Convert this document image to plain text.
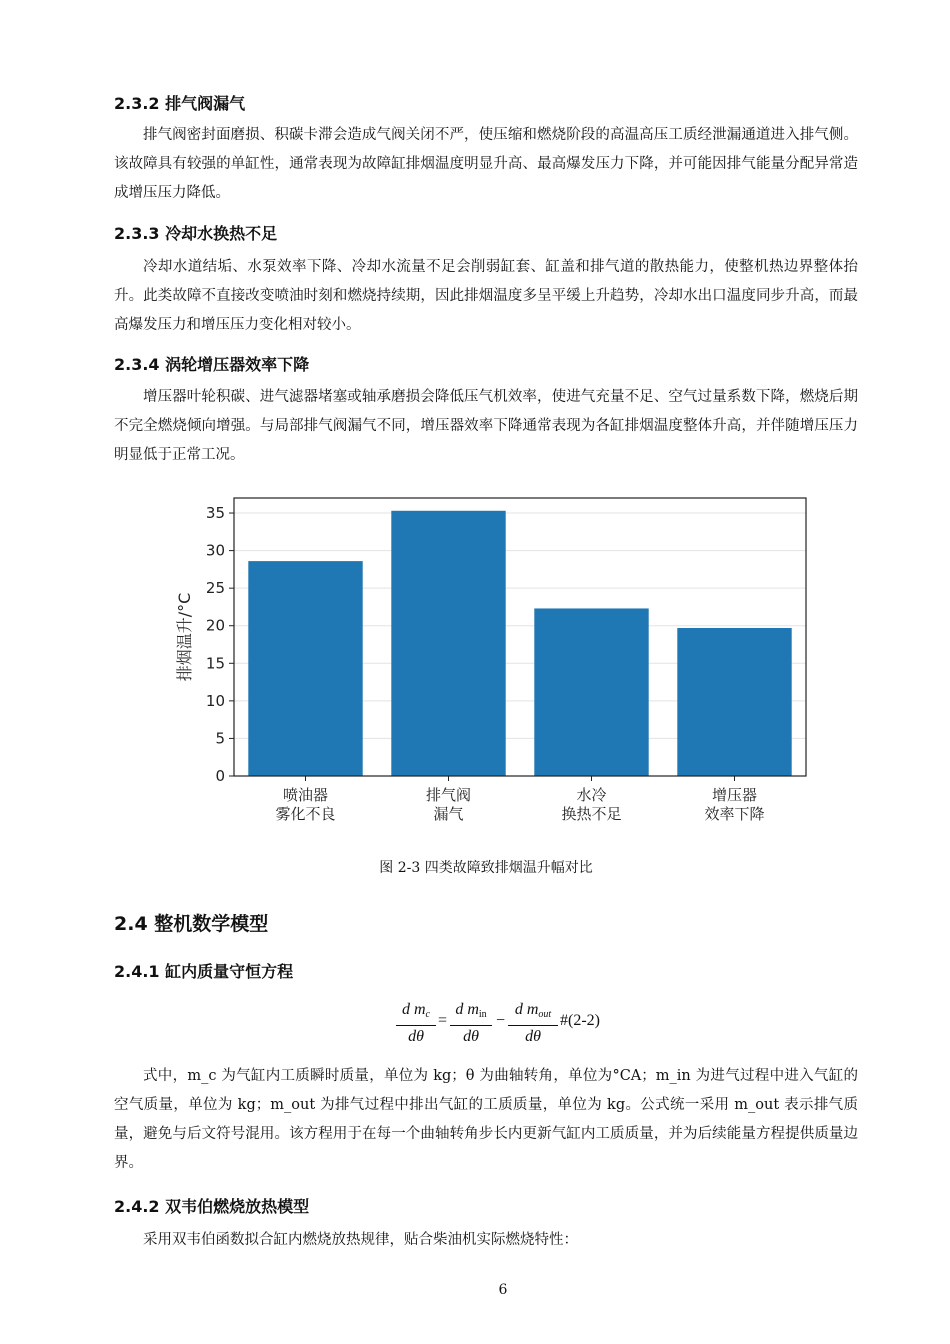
2.3.2 排气阀漏气

排气阀密封面磨损、积碳卡滞会造成气阀关闭不严，使压缩和燃烧阶段的高温高压工质经泄漏通道进入排气侧。该故障具有较强的单缸性，通常表现为故障缸排烟温度明显升高、最高爆发压力下降，并可能因排气能量分配异常造成增压压力降低。

2.3.3 冷却水换热不足

冷却水道结垢、水泵效率下降、冷却水流量不足会削弱缸套、缸盖和排气道的散热能力，使整机热边界整体抬升。此类故障不直接改变喷油时刻和燃烧持续期，因此排烟温度多呈平缓上升趋势，冷却水出口温度同步升高，而最高爆发压力和增压压力变化相对较小。

2.3.4 涡轮增压器效率下降

增压器叶轮积碳、进气滤器堵塞或轴承磨损会降低压气机效率，使进气充量不足、空气过量系数下降，燃烧后期不完全燃烧倾向增强。与局部排气阀漏气不同，增压器效率下降通常表现为各缸排烟温度整体升高，并伴随增压压力明显低于正常工况。

0
5
10
15
20
25
30
35
喷油器
雾化不良
排气阀
漏气
水冷
换热不足
增压器
效率下降
排烟温升/°C

图 2-3 四类故障致排烟温升幅对比

2.4 整机数学模型
2.4.1 缸内质量守恒方程
d $m_c$
dθ
=
d $m_{in}$
dθ
−
d $m_{out}$
dθ
#(2-2)

式中，m_c 为气缸内工质瞬时质量，单位为 kg；θ 为曲轴转角，单位为°CA；m_in 为进气过程中进入气缸的空气质量，单位为 kg；m_out 为排气过程中排出气缸的工质质量，单位为 kg。公式统一采用 m_out 表示排气质量，避免与后文符号混用。该方程用于在每一个曲轴转角步长内更新气缸内工质质量，并为后续能量方程提供质量边界。

2.4.2 双韦伯燃烧放热模型

采用双韦伯函数拟合缸内燃烧放热规律，贴合柴油机实际燃烧特性：

6
